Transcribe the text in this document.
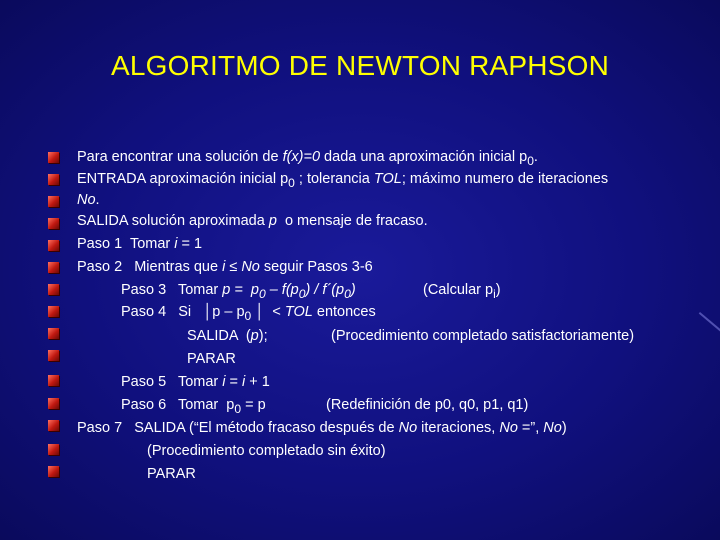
ALGORITMO DE NEWTON RAPHSON
Para encontrar una solución de f(x)=0 dada una aproximación inicial $p_0$.
ENTRADA aproximación inicial $p_0$ ; tolerancia TOL; máximo numero de iteraciones
No.
SALIDA solución aproximada p  o mensaje de fracaso.
Paso 1  Tomar i = 1
Paso 2   Mientras que i ≤ No seguir Pasos 3-6
Paso 3   Tomar $p = p_0 - f(p_0)$ / $f´(p_0)$	(Calcular $p_i$)
Paso 4   Si   │p – $p_0$ │  < TOL entonces
SALIDA  (p);	(Procedimiento completado satisfactoriamente)
PARAR
Paso 5   Tomar i = i + 1
Paso 6   Tomar  $p_0 = p$	(Redefinición de p0, q0, p1, q1)
Paso 7   SALIDA (“El método fracaso después de No iteraciones, No =”, No)
(Procedimiento completado sin éxito)
PARAR
